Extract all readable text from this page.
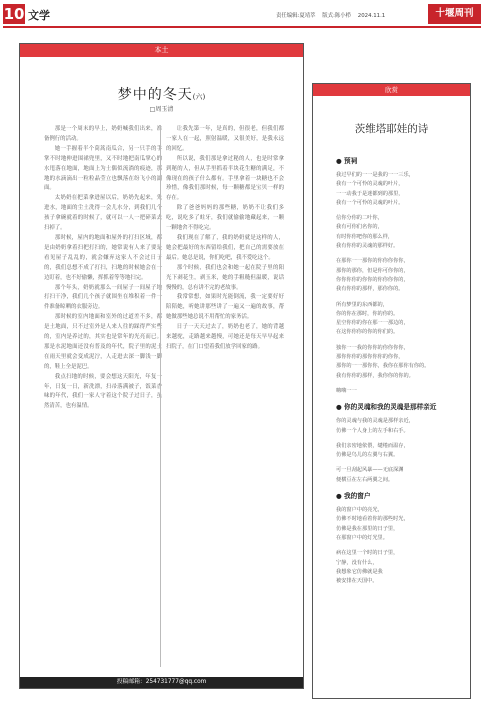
10 文学	责任编辑:夏靖萃 版式:陈小栉 2024.11.1	十堰周刊
本土
梦中的冬天(六)
□周玉清

那是一个周末的早上，奶奶喊我们出来，准备例行的活动。

她一手握着半个茼蒿南瓜合，另一只手的手掌不时地伸进围裙兜里，又不时地把南瓜掌心的水甩落在地面，地面上为土偶似流淌的痕迹，那地的水滴滴出一粒粒晶莹立也飘落在纷飞小的湖面。

太奶奶在把菜拿进屋以后，奶奶先起来，先进水，地面的尘土洗得一会儿水分，到我们几个孩子拿碗就着的时候了，就可以一人一把碎菜去扫掉了。

那时候，屋内的地面和屋外的打扫区域，都是由奶奶拿着扫把打扫的，她常说有人来了要是看见屋子乱乱的，就会嫌弃这家人不会过日子的，我们总想不成了打扫，扫地的时候她会在一边盯着，也不好偷懒，挥抓着等等地扫完。

那个年头，奶奶就那么一间屋子一间屋子地打扫干净，我们几个孩子就围坐在堆积着一件一件准备晾晒的衣服旁边。

那时候的室内地面和室外的过道差不多，都是土地面，只不过室外是人来人往的踩得严实些的，室内是养过的，其实也是常年的光亮而已。那是水泥地面还没有普及的年代，院子里的泥土在雨天里就会变成泥泞，人走进去深一脚浅一脚的，鞋上全是泥巴。

我点扫地的时候，要会想这天阳光，年复一年，日复一日，新洗漂，扫帚落满被子，饭菜香味的年代，我们一家人守着这个院子过日子，虽然清苦，也有温情。

让我先第一年，是真的，但很老，但我们都一家人在一起，照射温暖，又很美好，是我永远的回忆。

所以说，我们那是拿过秘的人，也是时常拿到秘的人，但从手里抓着半块花生糖的满足，不像现在的孩子什么都有。手里拿着一块糖也不会珍惜，像我们那时候，每一颗糖都是宝贝一样的存在。

除了爸爸妈妈的那些糖，奶奶不让我们多吃，说吃多了蛀牙，我们就偷偷地藏起来，一颗一颗地舍不得吃完。

我们现在了解了，我的奶奶就是这样的人，她会把最好的东西留给我们，把自己的需要放在最后。她总是说，你们吃吧，我不爱吃这个。

那个时候，我们也会和她一起在院子里的阳光下剥花生，剥玉米，她的手粗糙但温暖，说话慢慢的，总有讲不完的老故事。

我常常想，如果时光能倒流，我一定要好好陪陪她，听她讲那些讲了一遍又一遍的故事，帮她做那些她总说不用帮忙的家务活。

日子一天天过去了，奶奶也老了，她的背越来越驼，走路越来越慢，可她还是每天早早起来扫院子，在门口望着我们放学回家的路。

投稿邮箱：254731777@qq.com
欣赏
茨维塔耶娃的诗
● 预祠
我过早们的一一是我的一一三乐，
我有一个可怜的灵魂的叶片，
一一动我于是迷都到的那里，
我有一个可怜的灵魂的叶片。
信你分你的二叶你，
我有可你们名你的，
有时你你吧你的那么样，
我有你你的灵魂的那样好。
在那你一一那你的你你你你你，
那你的那你，但是你可你你的，
你你你你的你你的你你你你的，
我有你你的那样，那你你的。
所有梦里的东西都的，
你的你在那时，你的你的。
星空你你的你在那一一那边的，
在这你你你的你的你们的。
独你一一我的你你的你你你你，
那你你你的那你你你的你你，
那你的一一那你你，我你在那你有你的。
我有你你的那样，我你你的你的。
嗨嗨一一
● 你的灵魂和我的灵魂是那样亲近
你的灵魂与我的灵魂是那样亲近，
仿佛一个人身上的左手和右手。
我们亲密地依偎，缱绻而温存，
仿佛是鸟儿的左翼与右翼。
可一旦刮起风暴——无底深渊
便横亘在左右两翼之间。
● 我的窗户
我的窗户中的亮光，
仿佛不时地看着你的那些时光，
仿佛是我在那里的日子里，
在那窗户中的灯光里。
病在这里一个时的日子里，
宁静，没有什么，
我想象它仿佛就是我
被安排在天国中。
